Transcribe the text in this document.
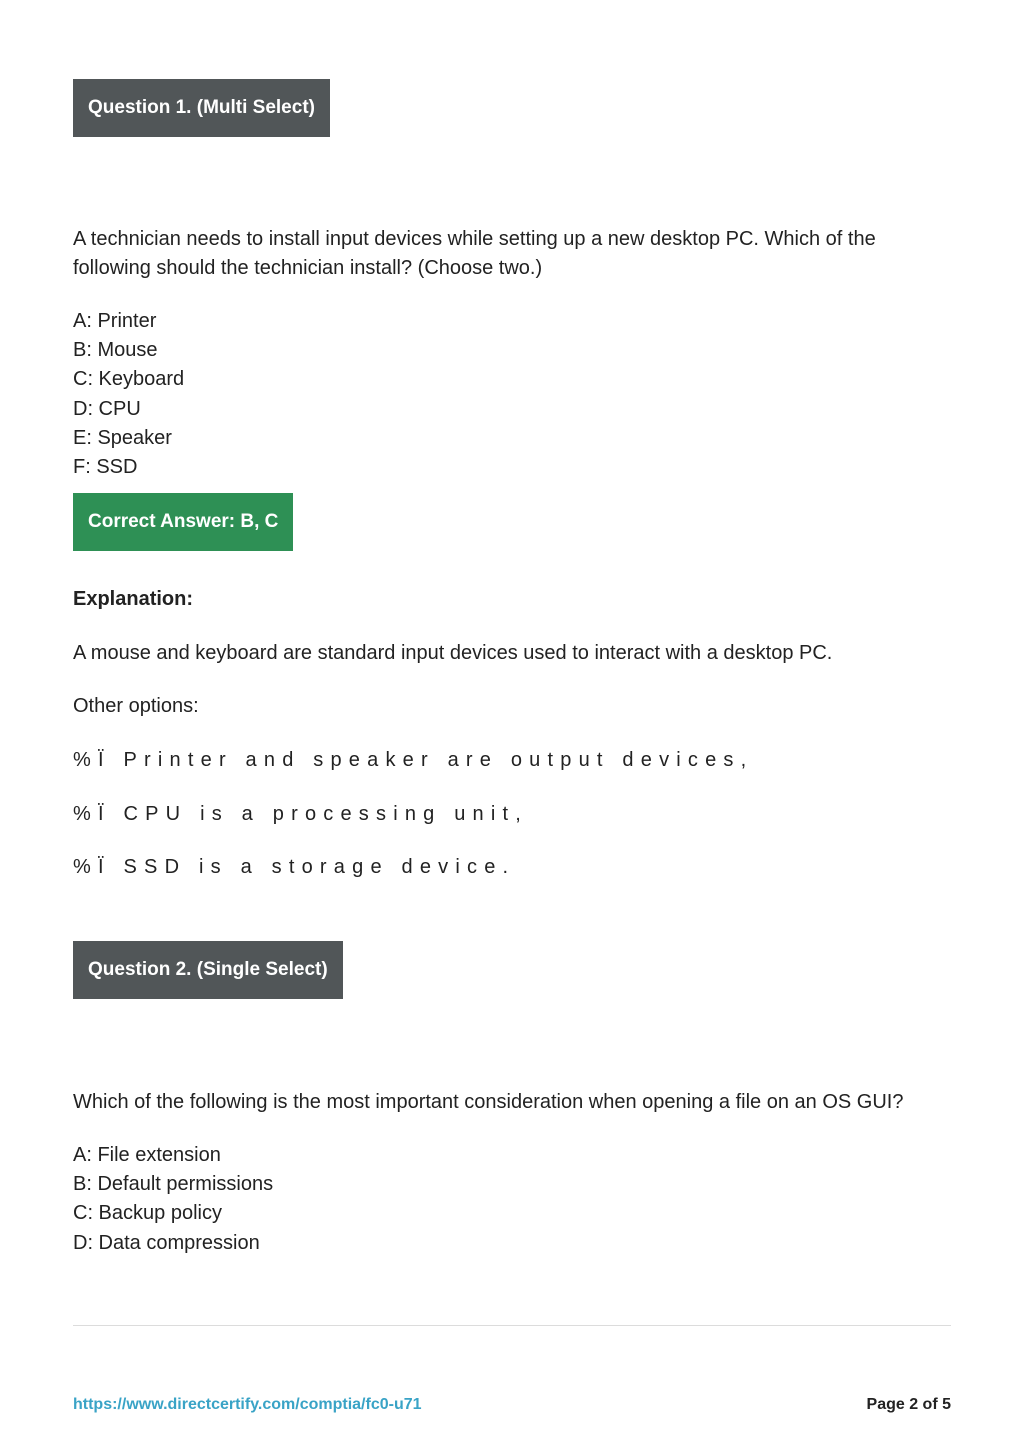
Question 1. (Multi Select)
A technician needs to install input devices while setting up a new desktop PC. Which of the following should the technician install? (Choose two.)
A: Printer
B: Mouse
C: Keyboard
D: CPU
E: Speaker
F: SSD
Correct Answer: B, C
Explanation:
A mouse and keyboard are standard input devices used to interact with a desktop PC.
Other options:
%Ï Printer and speaker are output devices,
%Ï CPU is a processing unit,
%Ï SSD is a storage device.
Question 2. (Single Select)
Which of the following is the most important consideration when opening a file on an OS GUI?
A: File extension
B: Default permissions
C: Backup policy
D: Data compression
https://www.directcertify.com/comptia/fc0-u71	Page 2 of 5
